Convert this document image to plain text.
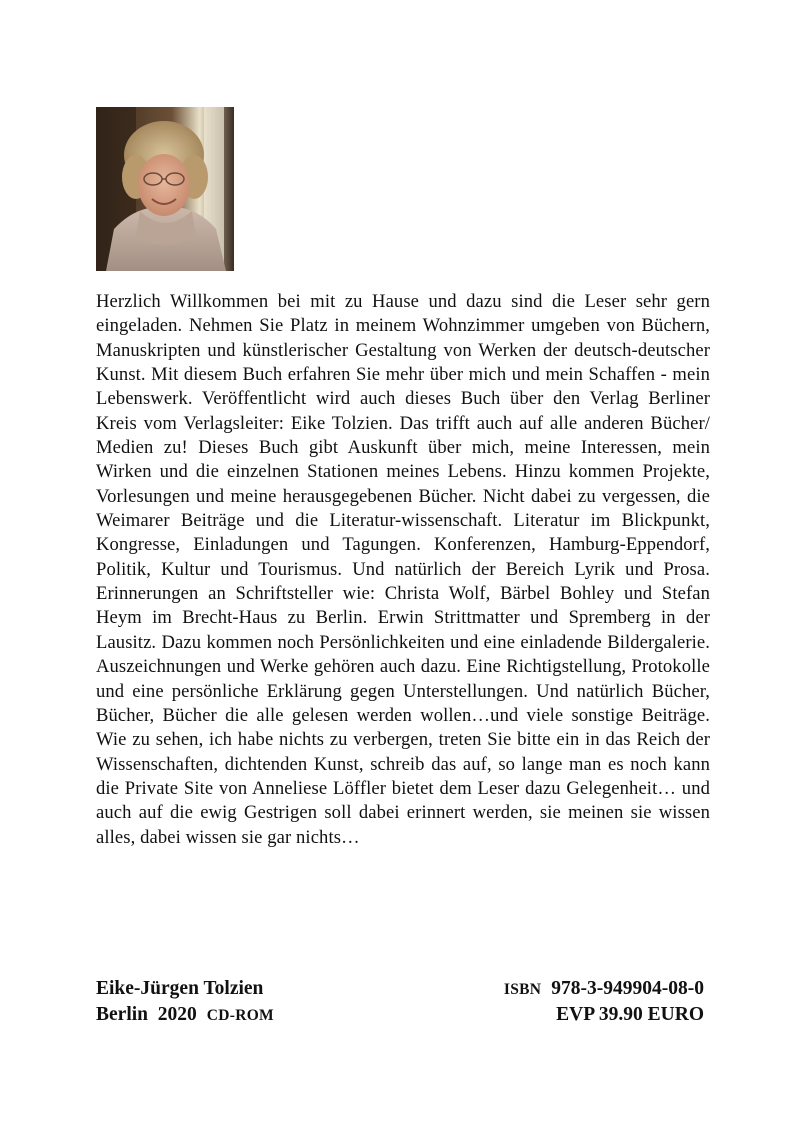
Herzlich Willkommen bei mit zu Hause und dazu sind die Leser sehr gern eingeladen. Nehmen Sie Platz in meinem Wohnzimmer umgeben von Büchern, Manuskripten und künstlerischer Gestaltung von Werken der deutsch-deutscher Kunst. Mit diesem Buch erfahren Sie mehr über mich und mein Schaffen - mein Lebenswerk. Veröffentlicht wird auch dieses Buch über den Verlag Berliner Kreis vom Verlagsleiter: Eike Tolzien. Das trifft auch auf alle anderen Bücher/ Medien zu! Dieses Buch gibt Auskunft über mich, meine Interessen, mein Wirken und die einzelnen Stationen meines Lebens. Hinzu kommen Projekte, Vorlesungen und meine herausgegebenen Bücher. Nicht dabei zu vergessen, die Weimarer Beiträge und die Literatur-wissenschaft. Literatur im Blickpunkt, Kongresse, Einladungen und Tagungen. Konferenzen, Hamburg-Eppendorf, Politik, Kultur und Tourismus. Und natürlich der Bereich Lyrik und Prosa. Erinnerungen an Schriftsteller wie: Christa Wolf, Bärbel Bohley und Stefan Heym im Brecht-Haus zu Berlin. Erwin Strittmatter und Spremberg in der Lausitz. Dazu kommen noch Persönlichkeiten und eine einladende Bildergalerie. Auszeichnungen und Werke gehören auch dazu. Eine Richtigstellung, Protokolle und eine persönliche Erklärung gegen Unterstellungen. Und natürlich Bücher, Bücher, Bücher die alle gelesen werden wollen…und viele sonstige Beiträge. Wie zu sehen, ich habe nichts zu verbergen, treten Sie bitte ein in das Reich der Wissenschaften, dichtenden Kunst, schreib das auf, so lange man es noch kann die Private Site von Anneliese Löffler bietet dem Leser dazu Gelegenheit… und auch auf die ewig Gestrigen soll dabei erinnert werden, sie meinen sie wissen alles, dabei wissen sie gar nichts…

Eike-Jürgen Tolzien	ISBN 978-3-949904-08-0
Berlin  2020 CD-ROM	EVP 39.90 EURO
